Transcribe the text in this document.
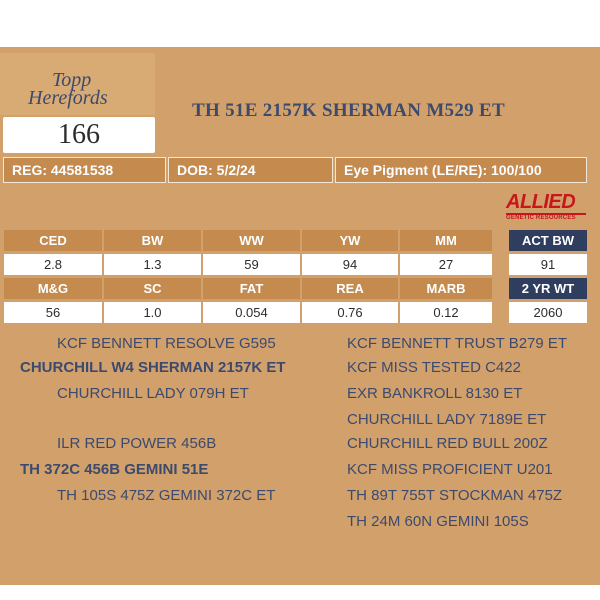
Topp
Herefords
166
TH 51E 2157K SHERMAN M529 ET
REG: 44581538	DOB: 5/2/24	Eye Pigment (LE/RE): 100/100
ALLIED
GENETIC RESOURCES
CED	BW	WW	YW	MM
2.8	1.3	59	94	27
M&G	SC	FAT	REA	MARB
56	1.0	0.054	0.76	0.12
ACT BW
91
2 YR WT
2060
KCF BENNETT RESOLVE G595
CHURCHILL W4 SHERMAN 2157K ET
CHURCHILL LADY 079H ET
ILR RED POWER 456B
TH 372C 456B GEMINI 51E
TH 105S 475Z GEMINI 372C ET
KCF BENNETT TRUST B279 ET
KCF MISS TESTED C422
EXR BANKROLL 8130 ET
CHURCHILL LADY 7189E ET
CHURCHILL RED BULL 200Z
KCF MISS PROFICIENT U201
TH 89T 755T STOCKMAN 475Z
TH 24M 60N GEMINI 105S
